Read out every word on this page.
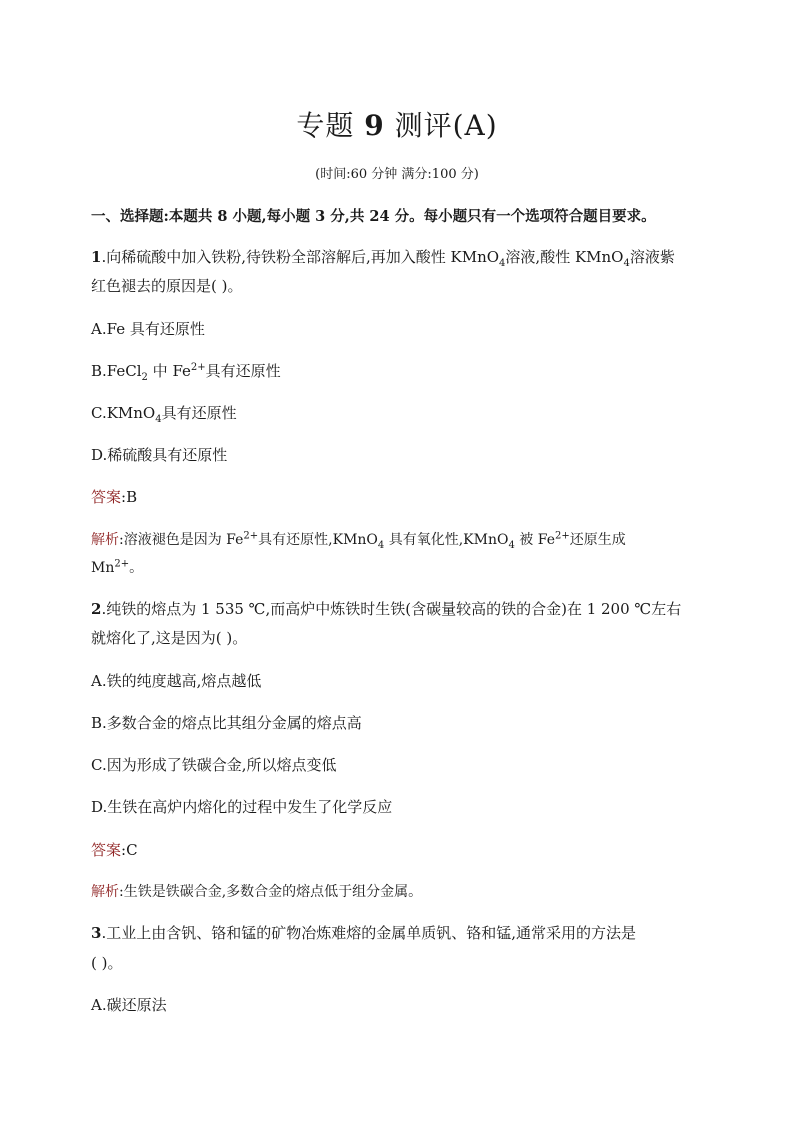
专题 9 测评(A)
(时间:60 分钟 满分:100 分)
一、选择题:本题共 8 小题,每小题 3 分,共 24 分。每小题只有一个选项符合题目要求。
1.向稀硫酸中加入铁粉,待铁粉全部溶解后,再加入酸性 KMnO$_4$溶液,酸性 KMnO$_4$溶液紫
红色褪去的原因是( )。
A.Fe 具有还原性
B.FeCl$_2$ 中 $Fe^{2+}$具有还原性
C.KMnO$_4$具有还原性
D.稀硫酸具有还原性
答案:B
解析:溶液褪色是因为 $Fe^{2+}$具有还原性,KMnO$_4$ 具有氧化性,KMnO$_4$ 被 $Fe^{2+}$还原生成
$Mn^{2+}$。
2.纯铁的熔点为 1 535 ℃,而高炉中炼铁时生铁(含碳量较高的铁的合金)在 1 200 ℃左右
就熔化了,这是因为( )。
A.铁的纯度越高,熔点越低
B.多数合金的熔点比其组分金属的熔点高
C.因为形成了铁碳合金,所以熔点变低
D.生铁在高炉内熔化的过程中发生了化学反应
答案:C
解析:生铁是铁碳合金,多数合金的熔点低于组分金属。
3.工业上由含钒、铬和锰的矿物冶炼难熔的金属单质钒、铬和锰,通常采用的方法是
( )。
A.碳还原法
